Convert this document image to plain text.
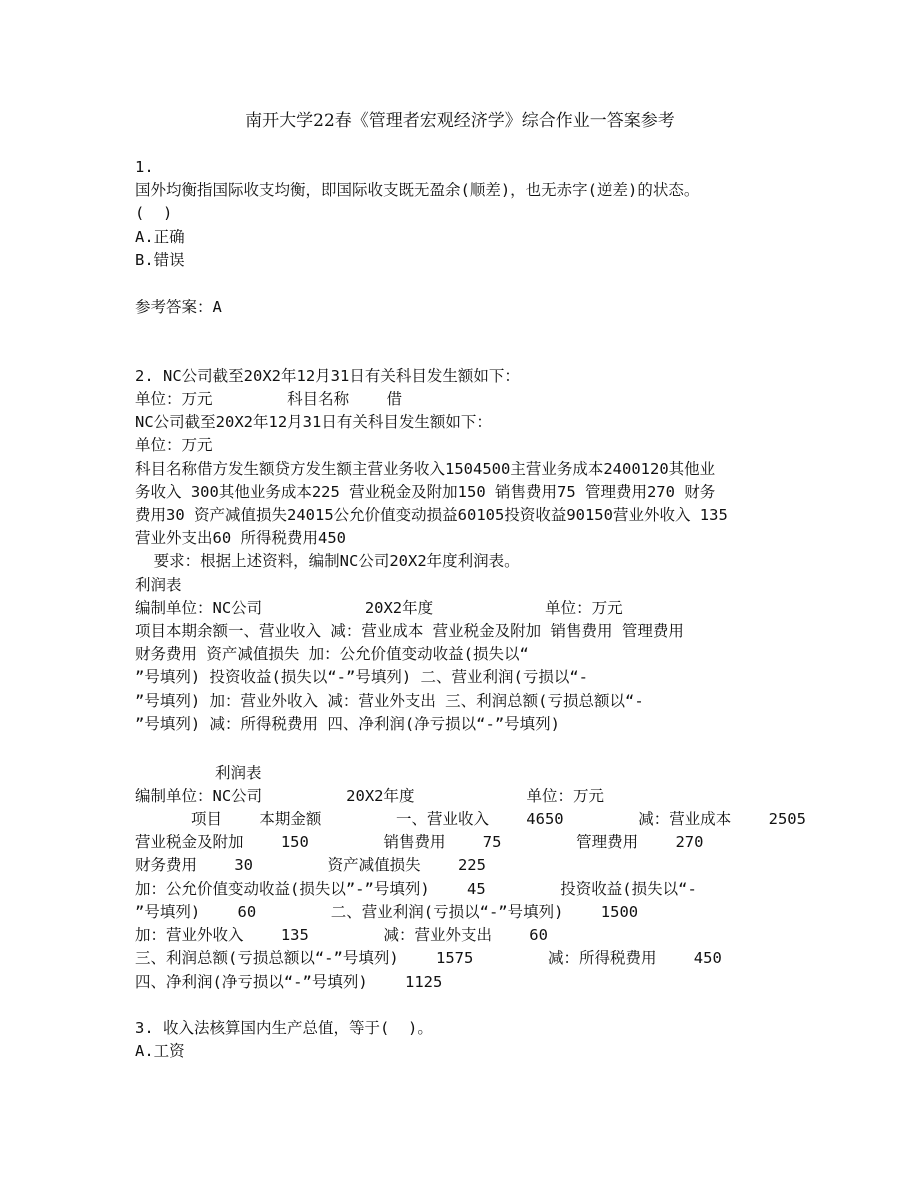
南开大学22春《管理者宏观经济学》综合作业一答案参考
1.
国外均衡指国际收支均衡，即国际收支既无盈余(顺差)，也无赤字(逆差)的状态。
(  )
A.正确
B.错误
参考答案：A
2. NC公司截至20X2年12月31日有关科目发生额如下：
单位：万元        科目名称    借
NC公司截至20X2年12月31日有关科目发生额如下：
单位：万元
科目名称借方发生额贷方发生额主营业务收入1504500主营业务成本2400120其他业
务收入 300其他业务成本225 营业税金及附加150 销售费用75 管理费用270 财务
费用30 资产减值损失24015公允价值变动损益60105投资收益90150营业外收入 135
营业外支出60 所得税费用450
要求：根据上述资料，编制NC公司20X2年度利润表。
利润表
编制单位：NC公司           20X2年度            单位：万元
项目本期余额一、营业收入 减：营业成本 营业税金及附加 销售费用 管理费用
财务费用 资产减值损失 加：公允价值变动收益(损失以“
”号填列) 投资收益(损失以“-”号填列) 二、营业利润(亏损以“-
”号填列) 加：营业外收入 减：营业外支出 三、利润总额(亏损总额以“-
”号填列) 减：所得税费用 四、净利润(净亏损以“-”号填列)
利润表
编制单位：NC公司         20X2年度            单位：万元
项目    本期金额        一、营业收入    4650        减：营业成本    2505
营业税金及附加    150        销售费用    75        管理费用    270
财务费用    30        资产减值损失    225
加：公允价值变动收益(损失以”-”号填列)    45        投资收益(损失以“-
”号填列)    60        二、营业利润(亏损以“-”号填列)    1500
加：营业外收入    135        减：营业外支出    60
三、利润总额(亏损总额以“-”号填列)    1575        减：所得税费用    450
四、净利润(净亏损以“-”号填列)    1125
3. 收入法核算国内生产总值，等于(  )。
A.工资
